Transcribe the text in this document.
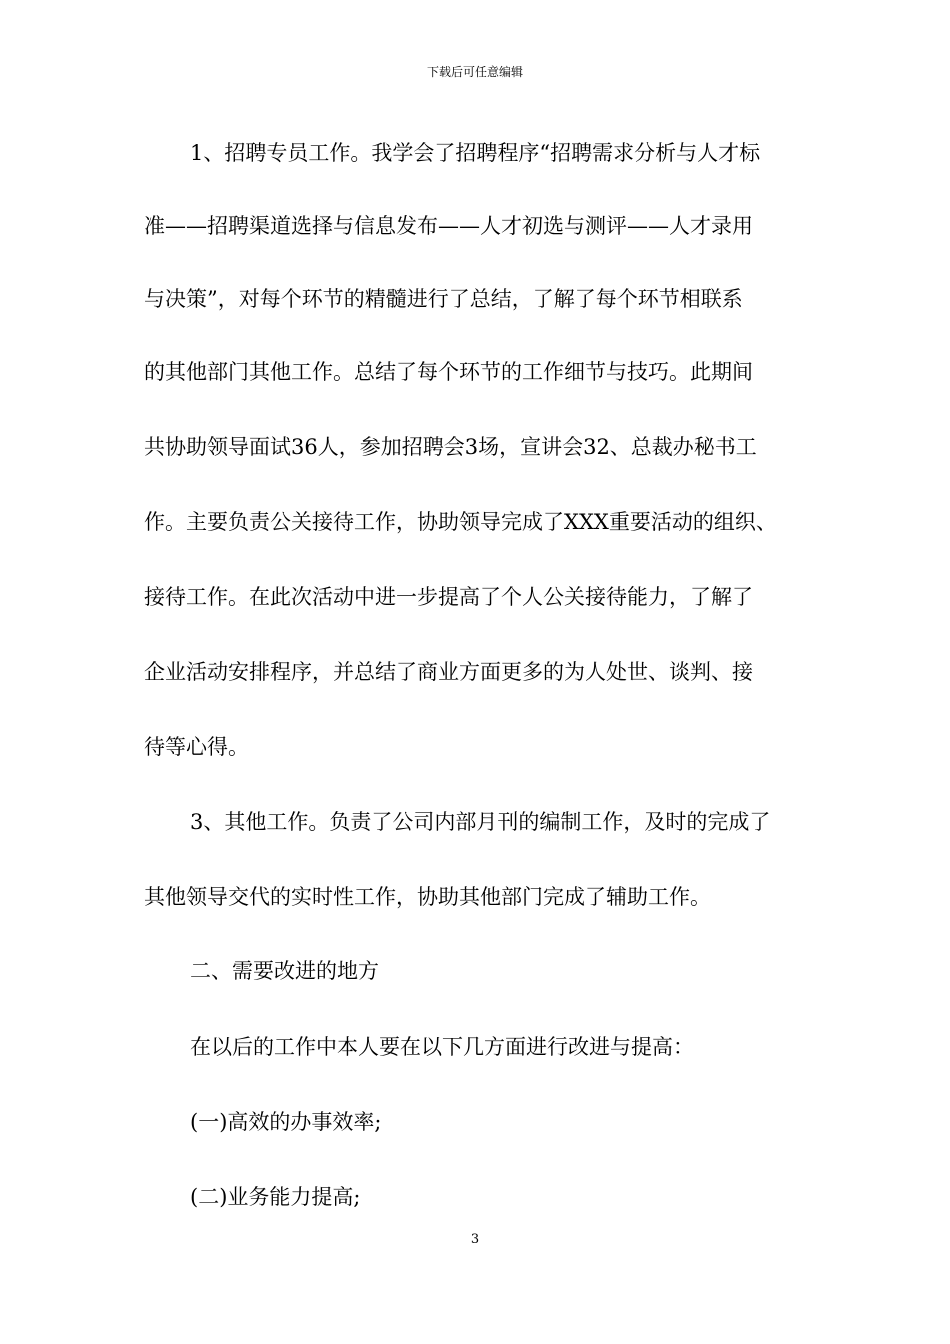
下载后可任意编辑
1、招聘专员工作。我学会了招聘程序“招聘需求分析与人才标
准——招聘渠道选择与信息发布——人才初选与测评——人才录用
与决策”，对每个环节的精髓进行了总结，了解了每个环节相联系
的其他部门其他工作。总结了每个环节的工作细节与技巧。此期间
共协助领导面试36人，参加招聘会3场，宣讲会32、总裁办秘书工
作。主要负责公关接待工作，协助领导完成了XXX重要活动的组织、
接待工作。在此次活动中进一步提高了个人公关接待能力，了解了
企业活动安排程序，并总结了商业方面更多的为人处世、谈判、接
待等心得。
3、其他工作。负责了公司内部月刊的编制工作，及时的完成了
其他领导交代的实时性工作，协助其他部门完成了辅助工作。
二、需要改进的地方
在以后的工作中本人要在以下几方面进行改进与提高：
(一)高效的办事效率;
(二)业务能力提高;
3
